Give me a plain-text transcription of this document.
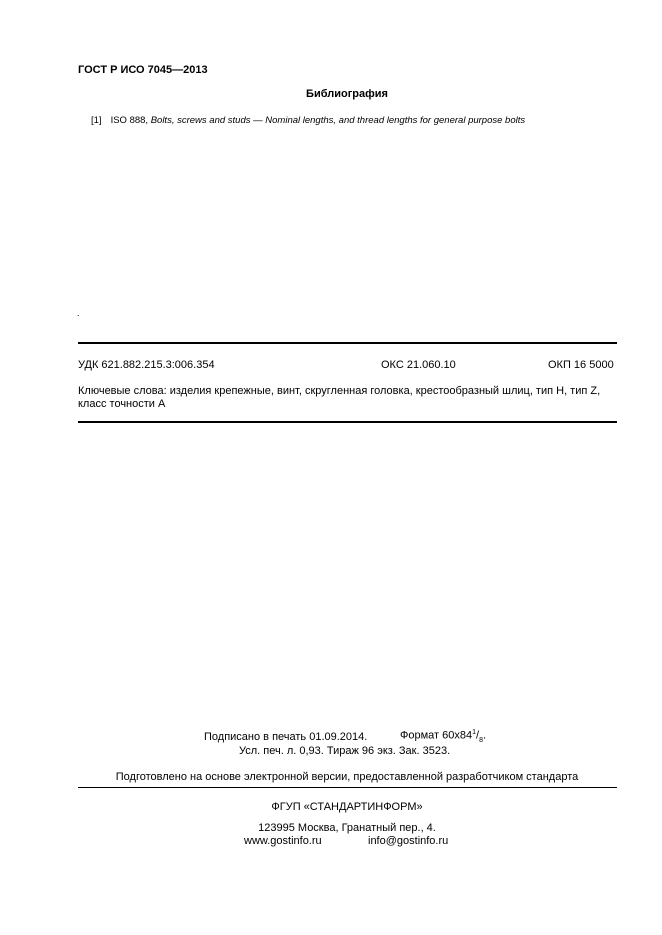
ГОСТ Р ИСО 7045—2013
Библиография
[1] ISO 888, Bolts, screws and studs — Nominal lengths, and thread lengths for general purpose bolts
.
УДК 621.882.215.3:006.354	ОКС 21.060.10	ОКП 16 5000
Ключевые слова: изделия крепежные, винт, скругленная головка, крестообразный шлиц, тип Н, тип Z, класс точности А
Подписано в печать 01.09.2014.	Формат $60х84^1/_8$.
Усл. печ. л. 0,93. Тираж 96 экз. Зак. 3523.
Подготовлено на основе электронной версии, предоставленной разработчиком стандарта
ФГУП «СТАНДАРТИНФОРМ»
123995 Москва, Гранатный пер., 4.
www.gostinfo.ru	info@gostinfo.ru
